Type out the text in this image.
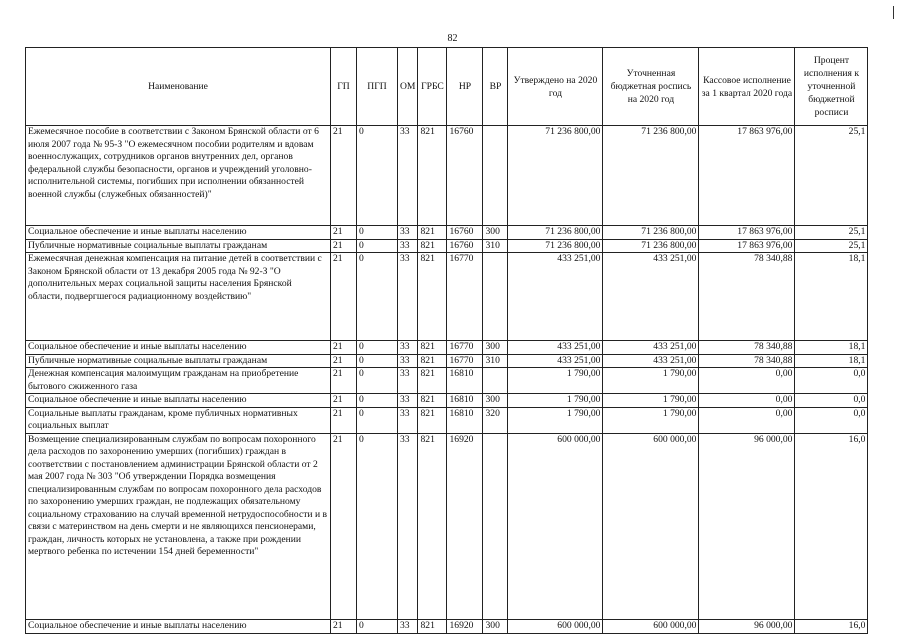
82
Наименование	ГП	ПГП	ОМ	ГРБС	НР	ВР	Утверждено на 2020 год	Уточненная бюджетная роспись на 2020 год	Кассовое исполнение за 1 квартал 2020 года	Процент исполнения к уточненной бюджетной росписи
Ежемесячное пособие в соответствии с Законом Брянской области от 6 июля 2007 года № 95-З "О ежемесячном пособии родителям и вдовам военнослужащих, сотрудников органов внутренних дел, органов федеральной службы безопасности, органов и учреждений уголовно-исполнительной системы, погибших при исполнении обязанностей военной службы (служебных обязанностей)"	21	0	33	821	16760		71 236 800,00	71 236 800,00	17 863 976,00	25,1
Социальное обеспечение и иные выплаты населению	21	0	33	821	16760	300	71 236 800,00	71 236 800,00	17 863 976,00	25,1
Публичные нормативные социальные выплаты гражданам	21	0	33	821	16760	310	71 236 800,00	71 236 800,00	17 863 976,00	25,1
Ежемесячная денежная компенсация на питание детей в соответствии с Законом Брянской области от 13 декабря 2005 года № 92-З "О дополнительных мерах социальной защиты населения Брянской области, подвергшегося радиационному воздействию"	21	0	33	821	16770		433 251,00	433 251,00	78 340,88	18,1
Социальное обеспечение и иные выплаты населению	21	0	33	821	16770	300	433 251,00	433 251,00	78 340,88	18,1
Публичные нормативные социальные выплаты гражданам	21	0	33	821	16770	310	433 251,00	433 251,00	78 340,88	18,1
Денежная компенсация малоимущим гражданам на приобретение бытового сжиженного газа	21	0	33	821	16810		1 790,00	1 790,00	0,00	0,0
Социальное обеспечение и иные выплаты населению	21	0	33	821	16810	300	1 790,00	1 790,00	0,00	0,0
Социальные выплаты гражданам, кроме публичных нормативных социальных выплат	21	0	33	821	16810	320	1 790,00	1 790,00	0,00	0,0
Возмещение специализированным службам по вопросам похоронного дела расходов по захоронению умерших (погибших) граждан в соответствии с постановлением администрации Брянской области от 2 мая 2007 года № 303 "Об утверждении Порядка возмещения специализированным службам по вопросам похоронного дела расходов по захоронению умерших граждан, не подлежащих обязательному социальному страхованию на случай временной нетрудоспособности и в связи с материнством на день смерти и не являющихся пенсионерами, граждан, личность которых не установлена, а также при рождении мертвого ребенка по истечении 154 дней беременности"	21	0	33	821	16920		600 000,00	600 000,00	96 000,00	16,0
Социальное обеспечение и иные выплаты населению	21	0	33	821	16920	300	600 000,00	600 000,00	96 000,00	16,0
